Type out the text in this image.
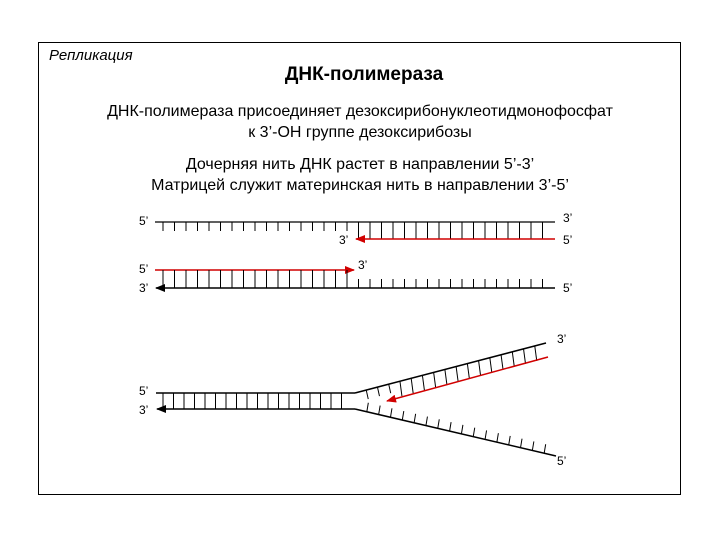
Репликация
ДНК-полимераза
ДНК-полимераза присоединяет дезоксирибонуклеотидмонофосфат
к 3’-OH группе дезоксирибозы
Дочерняя нить ДНК растет в направлении 5’-3’
Матрицей служит материнская нить в направлении 3’-5’
5’	3’
3’	5’
5’	3’
3’	5’
3’
5’
3’
5’
